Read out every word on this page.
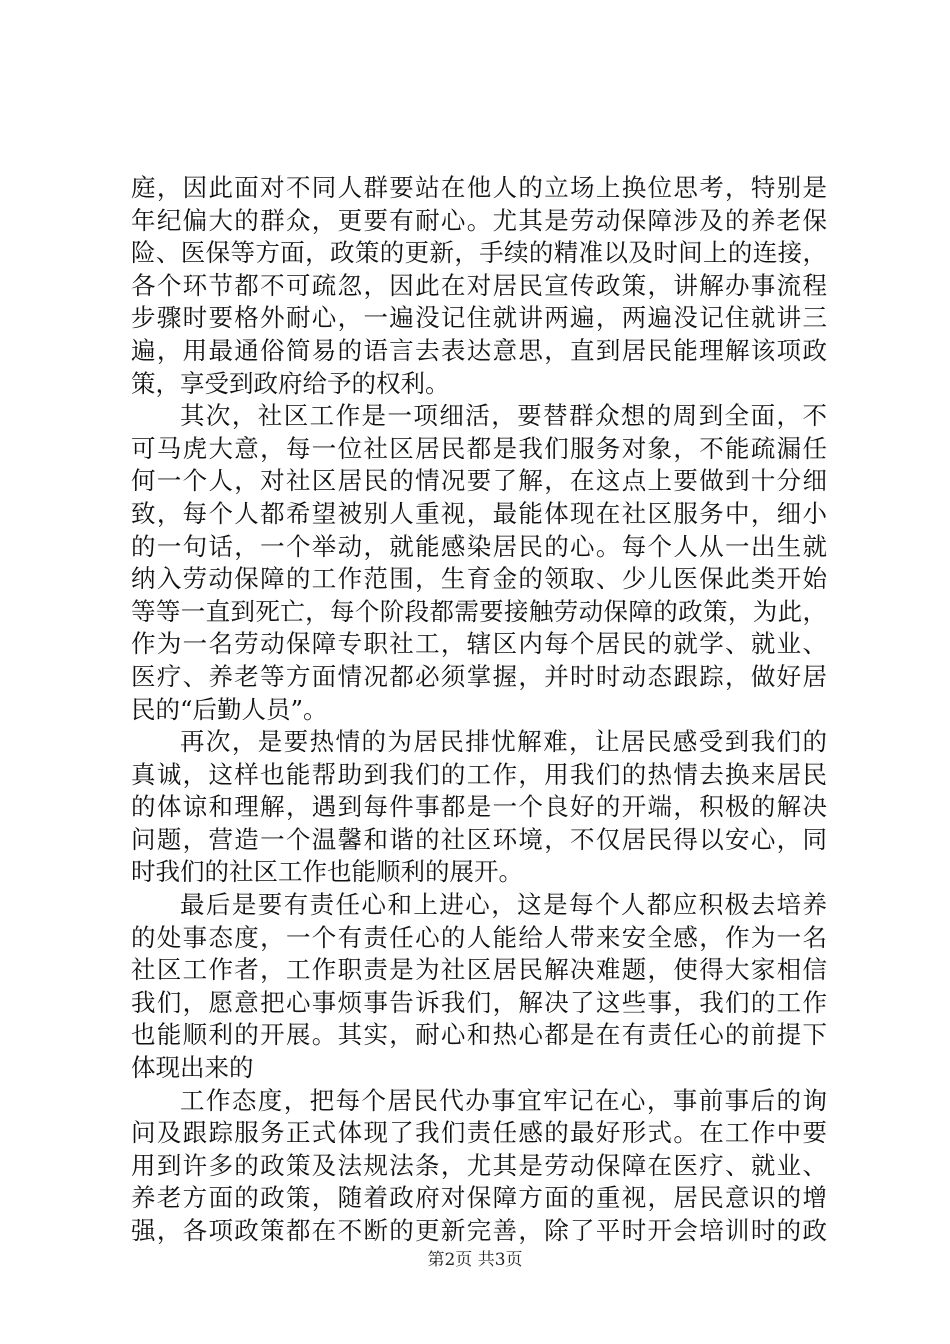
庭，因此面对不同人群要站在他人的立场上换位思考，特别是
年纪偏大的群众，更要有耐心。尤其是劳动保障涉及的养老保
险、医保等方面，政策的更新，手续的精准以及时间上的连接，
各个环节都不可疏忽，因此在对居民宣传政策，讲解办事流程
步骤时要格外耐心，一遍没记住就讲两遍，两遍没记住就讲三
遍，用最通俗简易的语言去表达意思，直到居民能理解该项政
策，享受到政府给予的权利。
其次，社区工作是一项细活，要替群众想的周到全面，不
可马虎大意，每一位社区居民都是我们服务对象，不能疏漏任
何一个人，对社区居民的情况要了解，在这点上要做到十分细
致，每个人都希望被别人重视，最能体现在社区服务中，细小
的一句话，一个举动，就能感染居民的心。每个人从一出生就
纳入劳动保障的工作范围，生育金的领取、少儿医保此类开始
等等一直到死亡，每个阶段都需要接触劳动保障的政策，为此，
作为一名劳动保障专职社工，辖区内每个居民的就学、就业、
医疗、养老等方面情况都必须掌握，并时时动态跟踪，做好居
民的“后勤人员”。
再次，是要热情的为居民排忧解难，让居民感受到我们的
真诚，这样也能帮助到我们的工作，用我们的热情去换来居民
的体谅和理解，遇到每件事都是一个良好的开端，积极的解决
问题，营造一个温馨和谐的社区环境，不仅居民得以安心，同
时我们的社区工作也能顺利的展开。
最后是要有责任心和上进心，这是每个人都应积极去培养
的处事态度，一个有责任心的人能给人带来安全感，作为一名
社区工作者，工作职责是为社区居民解决难题，使得大家相信
我们，愿意把心事烦事告诉我们，解决了这些事，我们的工作
也能顺利的开展。其实，耐心和热心都是在有责任心的前提下
体现出来的
工作态度，把每个居民代办事宜牢记在心，事前事后的询
问及跟踪服务正式体现了我们责任感的最好形式。在工作中要
用到许多的政策及法规法条，尤其是劳动保障在医疗、就业、
养老方面的政策，随着政府对保障方面的重视，居民意识的增
强，各项政策都在不断的更新完善，除了平时开会培训时的政
第2页 共3页
